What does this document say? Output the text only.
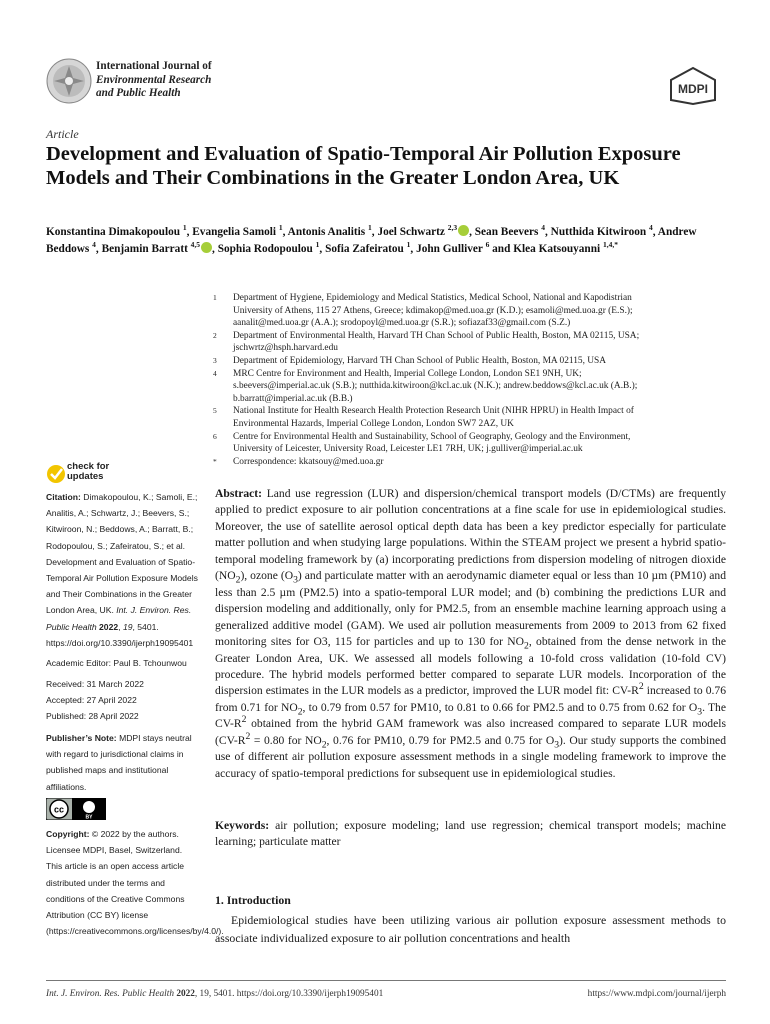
International Journal of
Environmental Research
and Public Health	MDPI
Article
Development and Evaluation of Spatio-Temporal Air Pollution Exposure Models and Their Combinations in the Greater London Area, UK
Konstantina Dimakopoulou $^1$, Evangelia Samoli $^1$, Antonis Analitis $^1$, Joel Schwartz $^{2,3}$ , Sean Beevers $^4$, Nutthida Kitwiroon $^4$, Andrew Beddows $^4$, Benjamin Barratt $^{4,5}$ , Sophia Rodopoulou $^1$, Sofia Zafeiratou $^1$, John Gulliver $^6$ and Klea Katsouyanni $^{1,4,*}$
1	Department of Hygiene, Epidemiology and Medical Statistics, Medical School, National and Kapodistrian
University of Athens, 115 27 Athens, Greece; kdimakop@med.uoa.gr (K.D.); esamoli@med.uoa.gr (E.S.);
aanalit@med.uoa.gr (A.A.); srodopoyl@med.uoa.gr (S.R.); sofiazaf33@gmail.com (S.Z.)
2	Department of Environmental Health, Harvard TH Chan School of Public Health, Boston, MA 02115, USA;
jschwrtz@hsph.harvard.edu
3	Department of Epidemiology, Harvard TH Chan School of Public Health, Boston, MA 02115, USA
4	MRC Centre for Environment and Health, Imperial College London, London SE1 9NH, UK;
s.beevers@imperial.ac.uk (S.B.); nutthida.kitwiroon@kcl.ac.uk (N.K.); andrew.beddows@kcl.ac.uk (A.B.);
b.barratt@imperial.ac.uk (B.B.)
5	National Institute for Health Research Health Protection Research Unit (NIHR HPRU) in Health Impact of
Environmental Hazards, Imperial College London, London SW7 2AZ, UK
6	Centre for Environmental Health and Sustainability, School of Geography, Geology and the Environment,
University of Leicester, University Road, Leicester LE1 7RH, UK; j.gulliver@imperial.ac.uk
*	Correspondence: kkatsouy@med.uoa.gr
check for
updates
Citation: Dimakopoulou, K.; Samoli, E.; Analitis, A.; Schwartz, J.; Beevers, S.; Kitwiroon, N.; Beddows, A.; Barratt, B.; Rodopoulou, S.; Zafeiratou, S.; et al. Development and Evaluation of Spatio-Temporal Air Pollution Exposure Models and Their Combinations in the Greater London Area, UK. Int. J. Environ. Res. Public Health 2022, 19, 5401. https://doi.org/10.3390/ijerph19095401
Academic Editor: Paul B. Tchounwou
Received: 31 March 2022
Accepted: 27 April 2022
Published: 28 April 2022
Publisher’s Note: MDPI stays neutral with regard to jurisdictional claims in published maps and institutional affiliations.
cc
BY
Copyright: © 2022 by the authors. Licensee MDPI, Basel, Switzerland. This article is an open access article distributed under the terms and conditions of the Creative Commons Attribution (CC BY) license (https://creativecommons.org/licenses/by/4.0/).
Abstract: Land use regression (LUR) and dispersion/chemical transport models (D/CTMs) are frequently applied to predict exposure to air pollution concentrations at a fine scale for use in epidemiological studies. Moreover, the use of satellite aerosol optical depth data has been a key predictor especially for particulate matter pollution and when studying large populations. Within the STEAM project we present a hybrid spatio-temporal modeling framework by (a) incorporating predictions from dispersion modeling of nitrogen dioxide $(NO_2)$, ozone $(O_3)$ and particulate matter with an aerodynamic diameter equal or less than 10 µm (PM10) and less than 2.5 µm (PM2.5) into a spatio-temporal LUR model; and (b) combining the predictions LUR and dispersion modeling and additionally, only for PM2.5, from an ensemble machine learning approach using a generalized additive model (GAM). We used air pollution measurements from 2009 to 2013 from 62 fixed monitoring sites for O3, 115 for particles and up to 130 for $NO_2$, obtained from the dense network in the Greater London Area, UK. We assessed all models following a 10-fold cross validation (10-fold CV) procedure. The hybrid models performed better compared to separate LUR models. Incorporation of the dispersion estimates in the LUR models as a predictor, improved the LUR model fit: $CV-R^2$ increased to 0.76 from 0.71 for $NO_2$, to 0.79 from 0.57 for PM10, to 0.81 to 0.66 for PM2.5 and to 0.75 from 0.62 for $O_3$. The $CV-R^2$ obtained from the hybrid GAM framework was also increased compared to separate LUR models ($CV-R^2 = 0.80$ for $NO_2$, 0.76 for PM10, 0.79 for PM2.5 and 0.75 for $O_3$). Our study supports the combined use of different air pollution exposure assessment methods in a single modeling framework to improve the accuracy of spatio-temporal predictions for subsequent use in epidemiological studies.
Keywords: air pollution; exposure modeling; land use regression; chemical transport models; machine learning; particulate matter
1. Introduction
Epidemiological studies have been utilizing various air pollution exposure assessment methods to associate individualized exposure to air pollution concentrations and health
Int. J. Environ. Res. Public Health 2022, 19, 5401. https://doi.org/10.3390/ijerph19095401	https://www.mdpi.com/journal/ijerph
